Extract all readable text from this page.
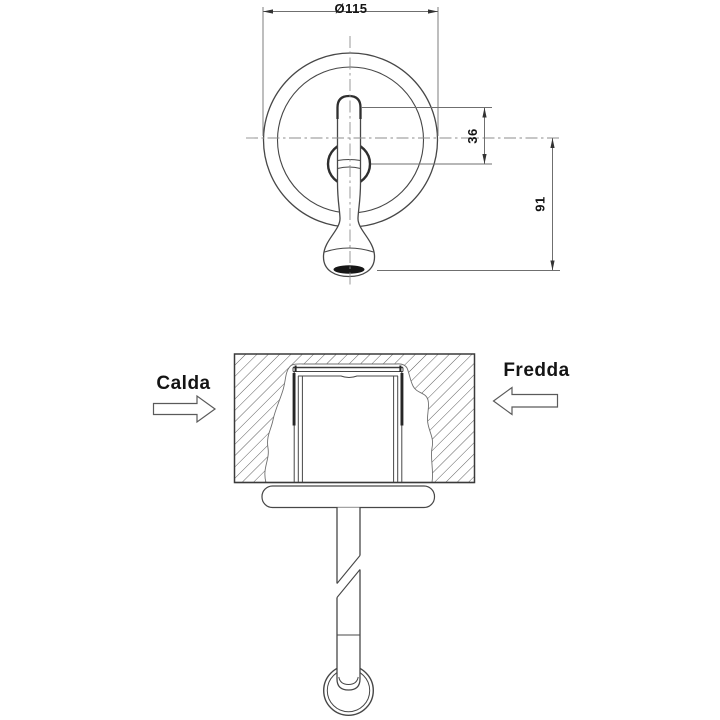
Ø115
36
91
Calda
Fredda
